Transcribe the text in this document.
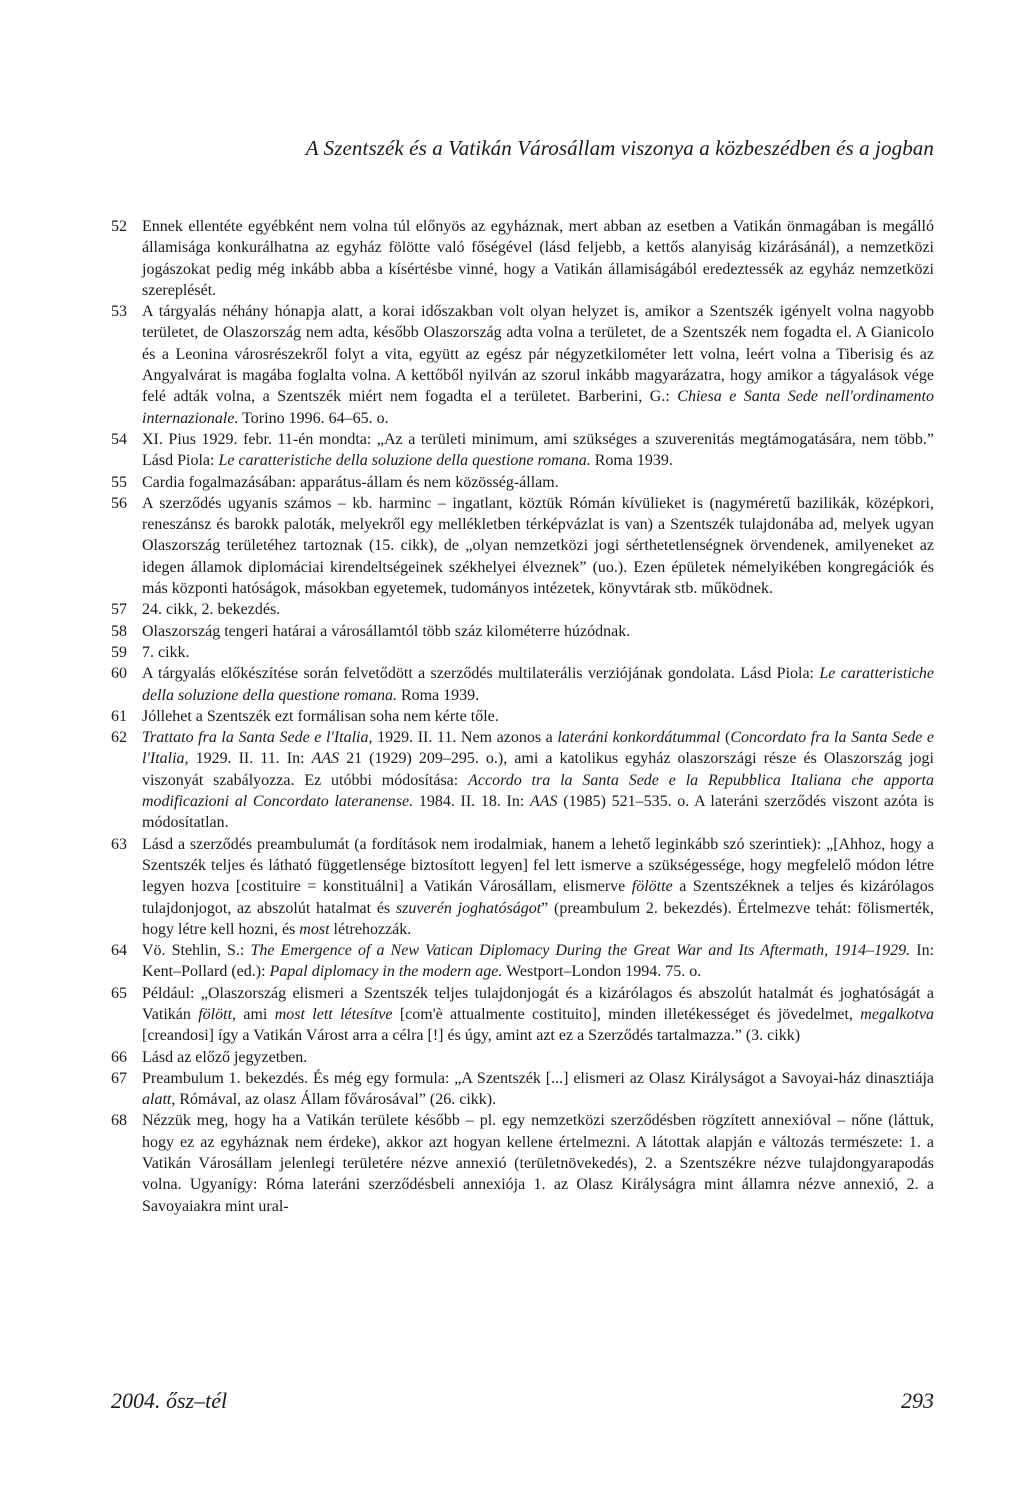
A Szentszék és a Vatikán Városállam viszonya a közbeszédben és a jogban
52 Ennek ellentéte egyébként nem volna túl előnyös az egyháznak, mert abban az esetben a Vatikán önmagában is megálló államisága konkurálhatna az egyház fölötte való főségével (lásd feljebb, a kettős alanyiság kizárásánál), a nemzetközi jogászokat pedig még inkább abba a kísértésbe vinné, hogy a Vatikán államiságából eredeztessék az egyház nemzetközi szereplését.
53 A tárgyalás néhány hónapja alatt, a korai időszakban volt olyan helyzet is, amikor a Szentszék igényelt volna nagyobb területet, de Olaszország nem adta, később Olaszország adta volna a területet, de a Szentszék nem fogadta el. A Gianicolo és a Leonina városrészekről folyt a vita, együtt az egész pár négyzetkilométer lett volna, leért volna a Tiberisig és az Angyalvárat is magába foglalta volna. A kettőből nyilván az szorul inkább magyarázatra, hogy amikor a tágyalások vége felé adták volna, a Szentszék miért nem fogadta el a területet. Barberini, G.: Chiesa e Santa Sede nell'ordinamento internazionale. Torino 1996. 64–65. o.
54 XI. Pius 1929. febr. 11-én mondta: „Az a területi minimum, ami szükséges a szuverenitás megtámogatására, nem több.” Lásd Piola: Le caratteristiche della soluzione della questione romana. Roma 1939.
55 Cardia fogalmazásában: apparátus-állam és nem közösség-állam.
56 A szerződés ugyanis számos – kb. harminc – ingatlant, köztük Rómán kívülieket is (nagyméretű bazilikák, középkori, reneszánsz és barokk paloták, melyekről egy mellékletben térképvázlat is van) a Szentszék tulajdonába ad, melyek ugyan Olaszország területéhez tartoznak (15. cikk), de „olyan nemzetközi jogi sérthetetlenségnek örvendenek, amilyeneket az idegen államok diplomáciai kirendeltségeinek székhelyei élveznek” (uo.). Ezen épületek némelyikében kongregációk és más központi hatóságok, másokban egyetemek, tudományos intézetek, könyvtárak stb. működnek.
57 24. cikk, 2. bekezdés.
58 Olaszország tengeri határai a városállamtól több száz kilométerre húzódnak.
59 7. cikk.
60 A tárgyalás előkészítése során felvetődött a szerződés multilaterális verziójának gondolata. Lásd Piola: Le caratteristiche della soluzione della questione romana. Roma 1939.
61 Jóllehet a Szentszék ezt formálisan soha nem kérte tőle.
62 Trattato fra la Santa Sede e l'Italia, 1929. II. 11. Nem azonos a lateráni konkordátummal (Concordato fra la Santa Sede e l'Italia, 1929. II. 11. In: AAS 21 (1929) 209–295. o.), ami a katolikus egyház olaszországi része és Olaszország jogi viszonyát szabályozza. Ez utóbbi módosítása: Accordo tra la Santa Sede e la Repubblica Italiana che apporta modificazioni al Concordato lateranense. 1984. II. 18. In: AAS (1985) 521–535. o. A lateráni szerződés viszont azóta is módosítatlan.
63 Lásd a szerződés preambulumát (a fordítások nem irodalmiak, hanem a lehető leginkább szó szerintiek): „[Ahhoz, hogy a Szentszék teljes és látható függetlensége biztosított legyen] fel lett ismerve a szükségessége, hogy megfelelő módon létre legyen hozva [costituire = konstituálni] a Vatikán Városállam, elismerve fölötte a Szentszéknek a teljes és kizárólagos tulajdonjogot, az abszolút hatalmat és szuverén joghatóságot” (preambulum 2. bekezdés). Értelmezve tehát: fölismerték, hogy létre kell hozni, és most létrehozzák.
64 Vö. Stehlin, S.: The Emergence of a New Vatican Diplomacy During the Great War and Its Aftermath, 1914–1929. In: Kent–Pollard (ed.): Papal diplomacy in the modern age. Westport–London 1994. 75. o.
65 Például: „Olaszország elismeri a Szentszék teljes tulajdonjogát és a kizárólagos és abszolút hatalmát és joghatóságát a Vatikán fölött, ami most lett létesítve [com'è attualmente costituito], minden illetékességet és jövedelmet, megalkotva [creandosi] így a Vatikán Várost arra a célra [!] és úgy, amint azt ez a Szerződés tartalmazza.” (3. cikk)
66 Lásd az előző jegyzetben.
67 Preambulum 1. bekezdés. És még egy formula: „A Szentszék [...] elismeri az Olasz Királyságot a Savoyai-ház dinasztiája alatt, Rómával, az olasz Állam fővárosával” (26. cikk).
68 Nézzük meg, hogy ha a Vatikán területe később – pl. egy nemzetközi szerződésben rögzített annexióval – nőne (láttuk, hogy ez az egyháznak nem érdeke), akkor azt hogyan kellene értelmezni. A látottak alapján e változás természete: 1. a Vatikán Városállam jelenlegi területére nézve annexió (területnövekedés), 2. a Szentszékre nézve tulajdongyarapodás volna. Ugyanígy: Róma lateráni szerződésbeli annexiója 1. az Olasz Királyságra mint államra nézve annexió, 2. a Savoyaiakra mint ural-
2004. ősz–tél	293
